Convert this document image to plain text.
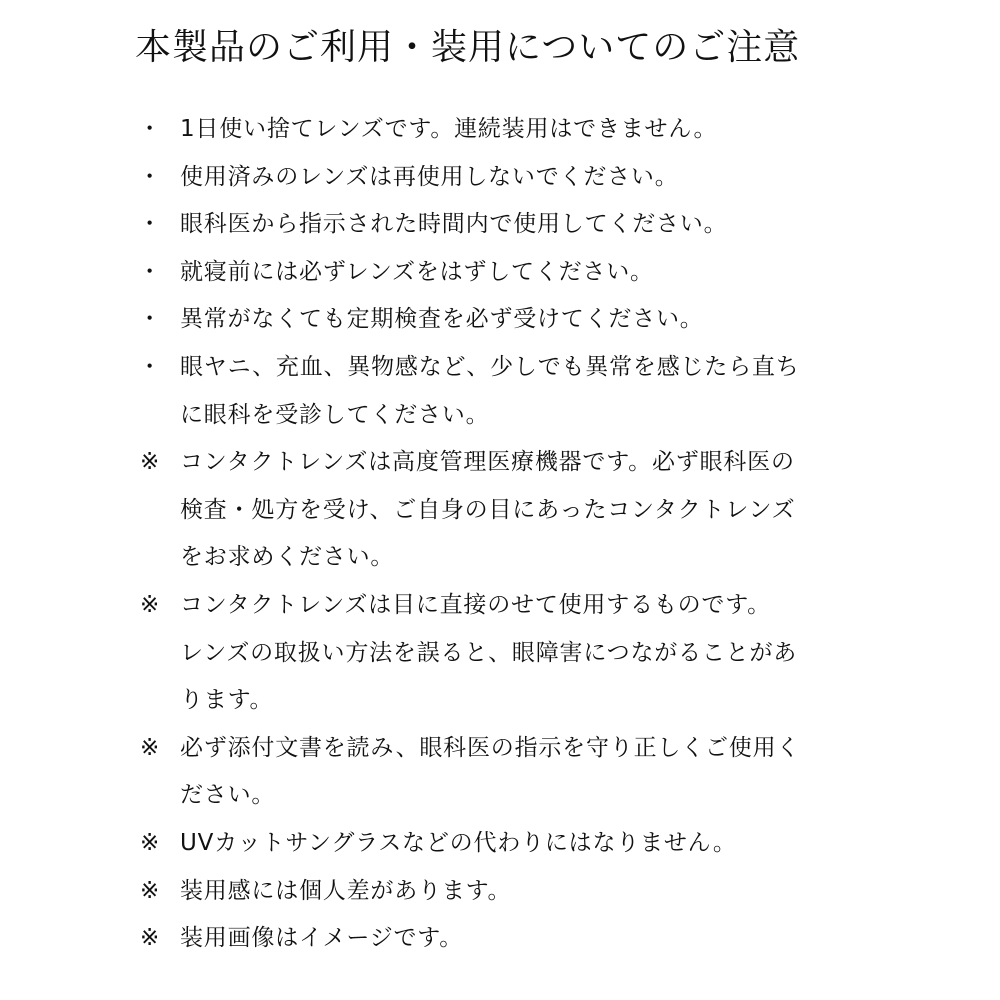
本製品のご利用・装用についてのご注意
・ 1日使い捨てレンズです。連続装用はできません。
・ 使用済みのレンズは再使用しないでください。
・ 眼科医から指示された時間内で使用してください。
・ 就寝前には必ずレンズをはずしてください。
・ 異常がなくても定期検査を必ず受けてください。
・ 眼ヤニ、充血、異物感など、少しでも異常を感じたら直ち
に眼科を受診してください。
※ コンタクトレンズは高度管理医療機器です。必ず眼科医の
検査・処方を受け、ご自身の目にあったコンタクトレンズ
をお求めください。
※ コンタクトレンズは目に直接のせて使用するものです。
レンズの取扱い方法を誤ると、眼障害につながることがあ
ります。
※ 必ず添付文書を読み、眼科医の指示を守り正しくご使用く
ださい。
※ UVカットサングラスなどの代わりにはなりません。
※ 装用感には個人差があります。
※ 装用画像はイメージです。
